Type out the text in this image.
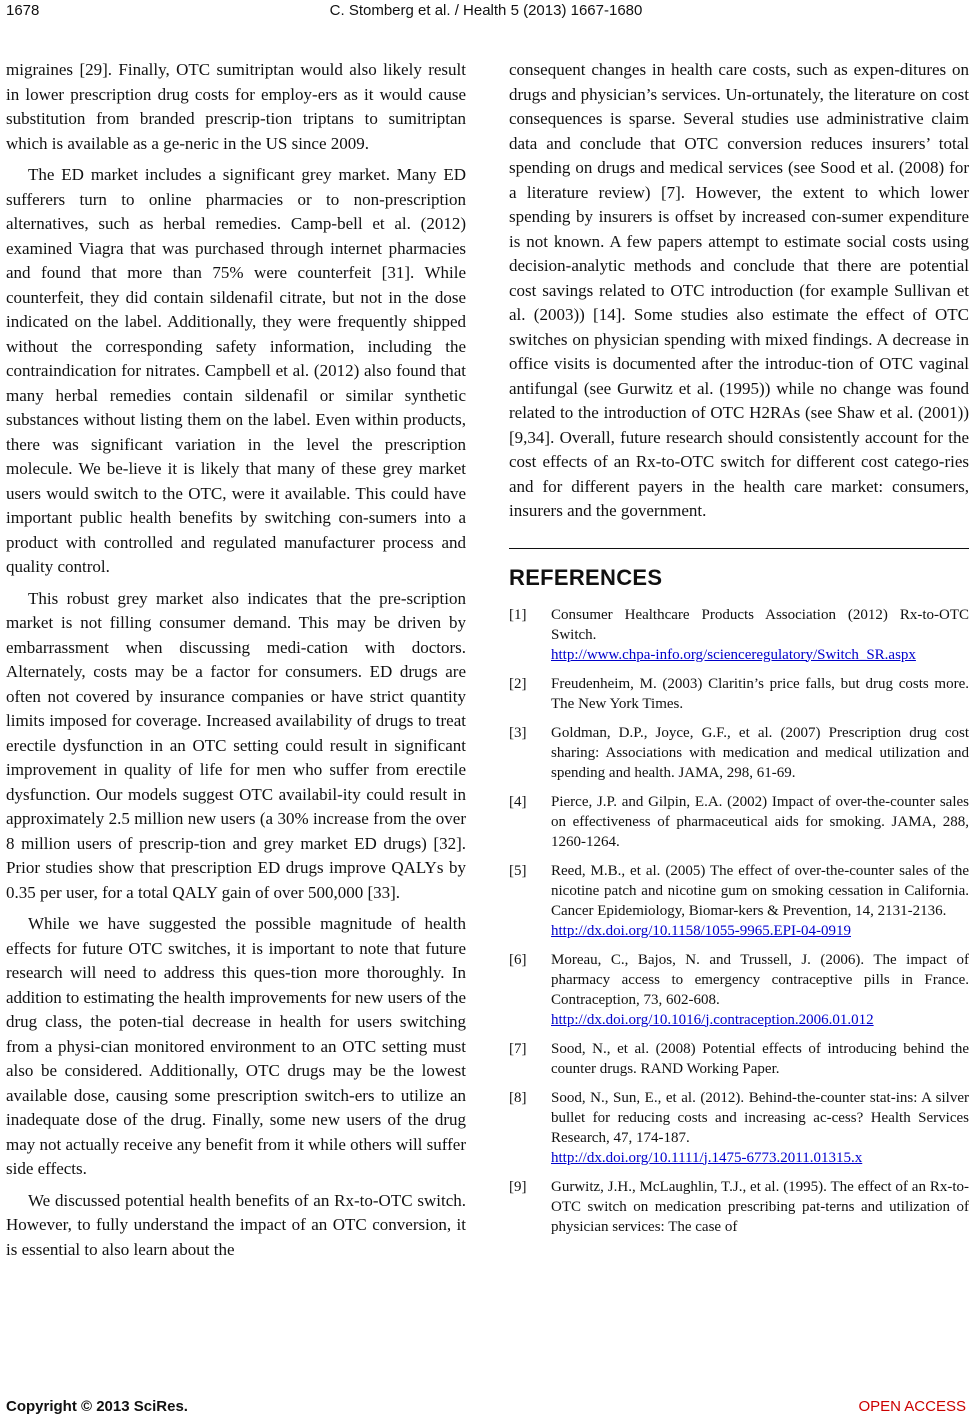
1678	C. Stomberg et al. / Health 5 (2013) 1667-1680

migraines [29]. Finally, OTC sumitriptan would also likely result in lower prescription drug costs for employ-ers as it would cause substitution from branded prescrip-tion triptans to sumitriptan which is available as a ge-neric in the US since 2009.

The ED market includes a significant grey market. Many ED sufferers turn to online pharmacies or to non-prescription alternatives, such as herbal remedies. Camp-bell et al. (2012) examined Viagra that was purchased through internet pharmacies and found that more than 75% were counterfeit [31]. While counterfeit, they did contain sildenafil citrate, but not in the dose indicated on the label. Additionally, they were frequently shipped without the corresponding safety information, including the contraindication for nitrates. Campbell et al. (2012) also found that many herbal remedies contain sildenafil or similar synthetic substances without listing them on the label. Even within products, there was significant variation in the level the prescription molecule. We be-lieve it is likely that many of these grey market users would switch to the OTC, were it available. This could have important public health benefits by switching con-sumers into a product with controlled and regulated manufacturer process and quality control.

This robust grey market also indicates that the pre-scription market is not filling consumer demand. This may be driven by embarrassment when discussing medi-cation with doctors. Alternately, costs may be a factor for consumers. ED drugs are often not covered by insurance companies or have strict quantity limits imposed for coverage. Increased availability of drugs to treat erectile dysfunction in an OTC setting could result in significant improvement in quality of life for men who suffer from erectile dysfunction. Our models suggest OTC availabil-ity could result in approximately 2.5 million new users (a 30% increase from the over 8 million users of prescrip-tion and grey market ED drugs) [32]. Prior studies show that prescription ED drugs improve QALYs by 0.35 per user, for a total QALY gain of over 500,000 [33].

While we have suggested the possible magnitude of health effects for future OTC switches, it is important to note that future research will need to address this ques-tion more thoroughly. In addition to estimating the health improvements for new users of the drug class, the poten-tial decrease in health for users switching from a physi-cian monitored environment to an OTC setting must also be considered. Additionally, OTC drugs may be the lowest available dose, causing some prescription switch-ers to utilize an inadequate dose of the drug. Finally, some new users of the drug may not actually receive any benefit from it while others will suffer side effects.

We discussed potential health benefits of an Rx-to-OTC switch. However, to fully understand the impact of an OTC conversion, it is essential to also learn about the

consequent changes in health care costs, such as expen-ditures on drugs and physician’s services. Un-ortunately, the literature on cost consequences is sparse. Several studies use administrative claim data and conclude that OTC conversion reduces insurers’ total spending on drugs and medical services (see Sood et al. (2008) for a literature review) [7]. However, the extent to which lower spending by insurers is offset by increased con-sumer expenditure is not known. A few papers attempt to estimate social costs using decision-analytic methods and conclude that there are potential cost savings related to OTC introduction (for example Sullivan et al. (2003)) [14]. Some studies also estimate the effect of OTC switches on physician spending with mixed findings. A decrease in office visits is documented after the introduc-tion of OTC vaginal antifungal (see Gurwitz et al. (1995)) while no change was found related to the introduction of OTC H2RAs (see Shaw et al. (2001)) [9,34]. Overall, future research should consistently account for the cost effects of an Rx-to-OTC switch for different cost catego-ries and for different payers in the health care market: consumers, insurers and the government.

REFERENCES
[1]	Consumer Healthcare Products Association (2012) Rx-to-OTC Switch.
http://www.chpa-info.org/scienceregulatory/Switch_SR.aspx
[2]	Freudenheim, M. (2003) Claritin’s price falls, but drug costs more. The New York Times.
[3]	Goldman, D.P., Joyce, G.F., et al. (2007) Prescription drug cost sharing: Associations with medication and medical utilization and spending and health. JAMA, 298, 61-69.
[4]	Pierce, J.P. and Gilpin, E.A. (2002) Impact of over-the-counter sales on effectiveness of pharmaceutical aids for smoking. JAMA, 288, 1260-1264.
[5]	Reed, M.B., et al. (2005) The effect of over-the-counter sales of the nicotine patch and nicotine gum on smoking cessation in California. Cancer Epidemiology, Biomar-kers & Prevention, 14, 2131-2136.
http://dx.doi.org/10.1158/1055-9965.EPI-04-0919
[6]	Moreau, C., Bajos, N. and Trussell, J. (2006). The impact of pharmacy access to emergency contraceptive pills in France. Contraception, 73, 602-608.
http://dx.doi.org/10.1016/j.contraception.2006.01.012
[7]	Sood, N., et al. (2008) Potential effects of introducing behind the counter drugs. RAND Working Paper.
[8]	Sood, N., Sun, E., et al. (2012). Behind-the-counter stat-ins: A silver bullet for reducing costs and increasing ac-cess? Health Services Research, 47, 174-187.
http://dx.doi.org/10.1111/j.1475-6773.2011.01315.x
[9]	Gurwitz, J.H., McLaughlin, T.J., et al. (1995). The effect of an Rx-to-OTC switch on medication prescribing pat-terns and utilization of physician services: The case of
Copyright © 2013 SciRes.	OPEN ACCESS
